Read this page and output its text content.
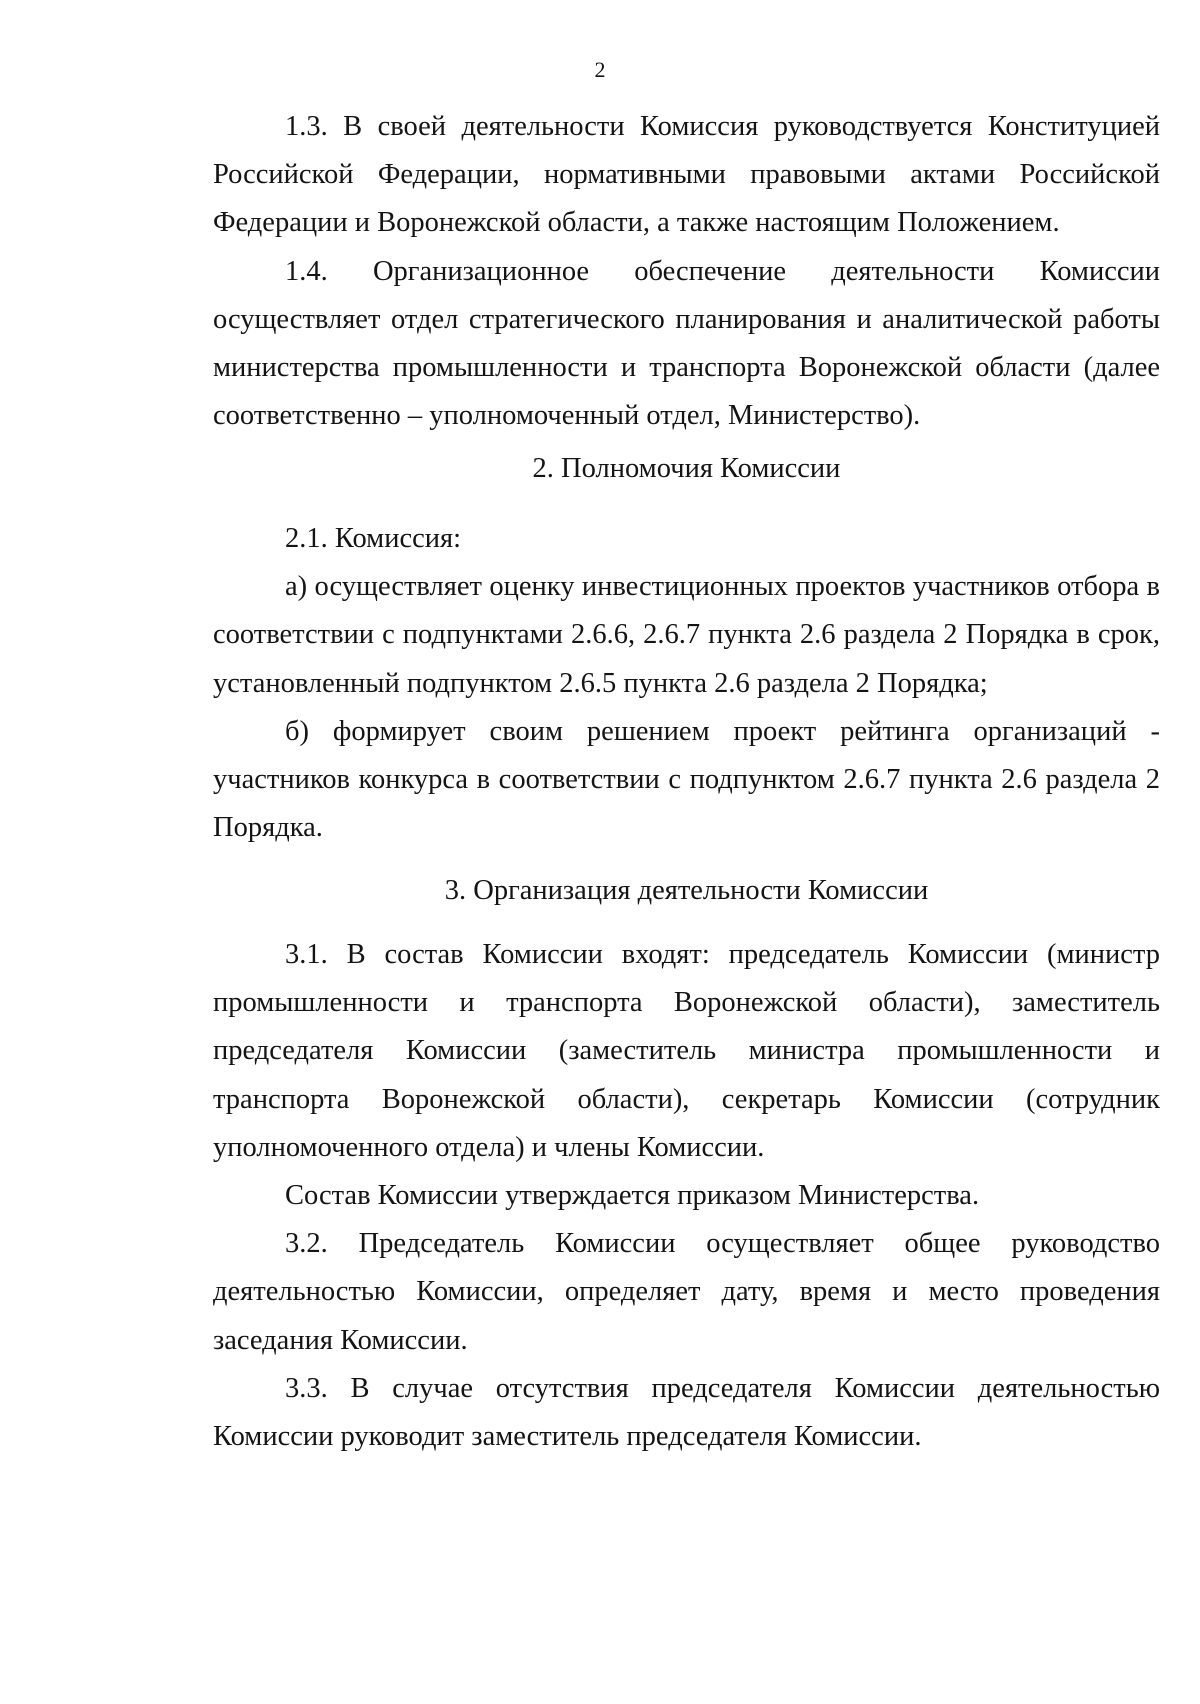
2

1.3. В своей деятельности Комиссия руководствуется Конституцией Российской Федерации, нормативными правовыми актами Российской Федерации и Воронежской области, а также настоящим Положением.

1.4. Организационное обеспечение деятельности Комиссии осуществляет отдел стратегического планирования и аналитической работы министерства промышленности и транспорта Воронежской области (далее соответственно – уполномоченный отдел, Министерство).

2. Полномочия Комиссии

2.1. Комиссия:

а) осуществляет оценку инвестиционных проектов участников отбора в соответствии с подпунктами 2.6.6, 2.6.7 пункта 2.6 раздела 2 Порядка в срок, установленный подпунктом 2.6.5 пункта 2.6 раздела 2 Порядка;

б) формирует своим решением проект рейтинга организаций - участников конкурса в соответствии с подпунктом 2.6.7 пункта 2.6 раздела 2 Порядка.

3. Организация деятельности Комиссии

3.1. В состав Комиссии входят: председатель Комиссии (министр промышленности и транспорта Воронежской области), заместитель председателя Комиссии (заместитель министра промышленности и транспорта Воронежской области), секретарь Комиссии (сотрудник уполномоченного отдела) и члены Комиссии.

Состав Комиссии утверждается приказом Министерства.

3.2. Председатель Комиссии осуществляет общее руководство деятельностью Комиссии, определяет дату, время и место проведения заседания Комиссии.

3.3. В случае отсутствия председателя Комиссии деятельностью Комиссии руководит заместитель председателя Комиссии.
